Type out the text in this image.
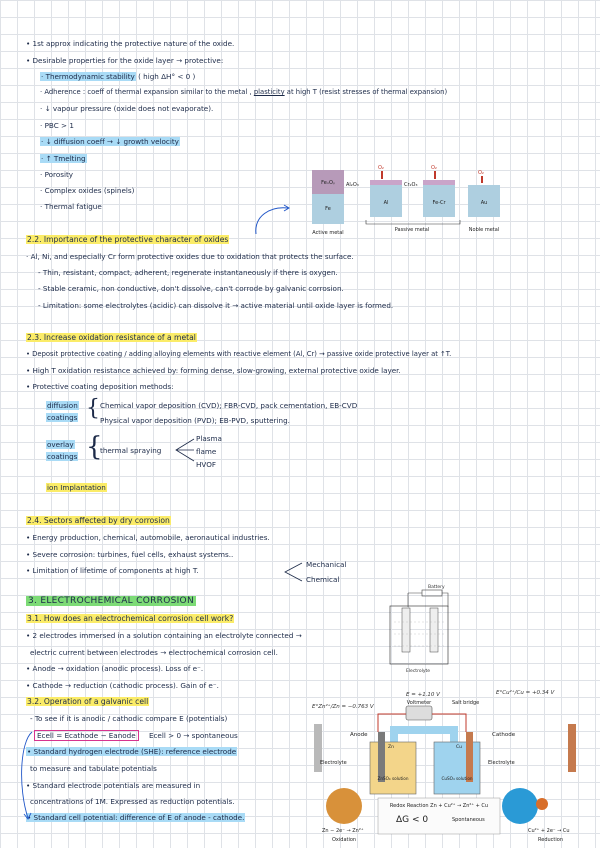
• 1st approx indicating the protective nature of the oxide.
• Desirable properties for the oxide layer → protective:
· Thermodynamic stability ( high ΔH° < 0 )
· Adherence : coeff of thermal expansion similar to the metal , plasticity at high T (resist stresses of thermal expansion)
· ↓ vapour pressure (oxide does not evaporate).
· PBC > 1
· ↓ diffusion coeff → ↓ growth velocity
· ↑ Tmelting
· Porosity
· Complex oxides (spinels)
· Thermal fatigue
FeₓOᵧ
Fe
Al₂O₃
Al
Cr₂O₃
Fe-Cr	Au
O₂	O₂
O₂
Active metal	Passive metal	Noble metal
2.2. Importance of the protective character of oxides
· Al, Ni, and especially Cr form protective oxides due to oxidation that protects the surface.
- Thin, resistant, compact, adherent, regenerate instantaneously if there is oxygen.
- Stable ceramic, non conductive, don't dissolve, can't corrode by galvanic corrosion.
- Limitation: some electrolytes (acidic) can dissolve it → active material until oxide layer is formed.
2.3. Increase oxidation resistance of a metal
• Deposit protective coating / adding alloying elements with reactive element (Al, Cr) → passive oxide protective layer at ↑T.
• High T oxidation resistance achieved by: forming dense, slow-growing, external protective oxide layer.
• Protective coating deposition methods:
diffusion
coatings { Chemical vapor deposition (CVD); FBR-CVD, pack cementation, EB-CVD
Physical vapor deposition (PVD); EB-PVD, sputtering.
overlay
coatings {
thermal spraying
Plasma
flame
HVOF
ion Implantation
2.4. Sectors affected by dry corrosion
• Energy production, chemical, automobile, aeronautical industries.
• Severe corrosion: turbines, fuel cells, exhaust systems..
• Limitation of lifetime of components at high T.
Mechanical
Chemical
3. ELECTROCHEMICAL CORROSION
3.1. How does an electrochemical corrosion cell work?
• 2 electrodes immersed in a solution containing an electrolyte connected →
electric current between electrodes → electrochemical corrosion cell.
• Anode → oxidation (anodic process). Loss of e⁻.
• Cathode → reduction (cathodic process). Gain of e⁻.
3.2. Operation of a galvanic cell
- To see if it is anodic / cathodic compare E (potentials)
Ecell = Ecathode − Eanode Ecell > 0 → spontaneous
• Standard hydrogen electrode (SHE): reference electrode
to measure and tabulate potentials
• Standard electrode potentials are measured in
concentrations of 1M. Expressed as reduction potentials.
• Standard cell potential: difference of E of anode - cathode.
Battery
Electrolyte
E°Zn²⁺/Zn = −0.763 V
E = +1.10 V	E°Cu²⁺/Cu = +0.34 V
Voltmeter	Salt bridge
Anode	Cathode
Electrolyte	Electrolyte
ZnSO₄ solution	CuSO₄ solution
Redox Reaction Zn + Cu²⁺ → Zn²⁺ + Cu
ΔG < 0	Spontaneous
Zn − 2e⁻ → Zn²⁺	Cu²⁺ + 2e⁻ → Cu
Oxidation	Reduction
Zn	Cu
